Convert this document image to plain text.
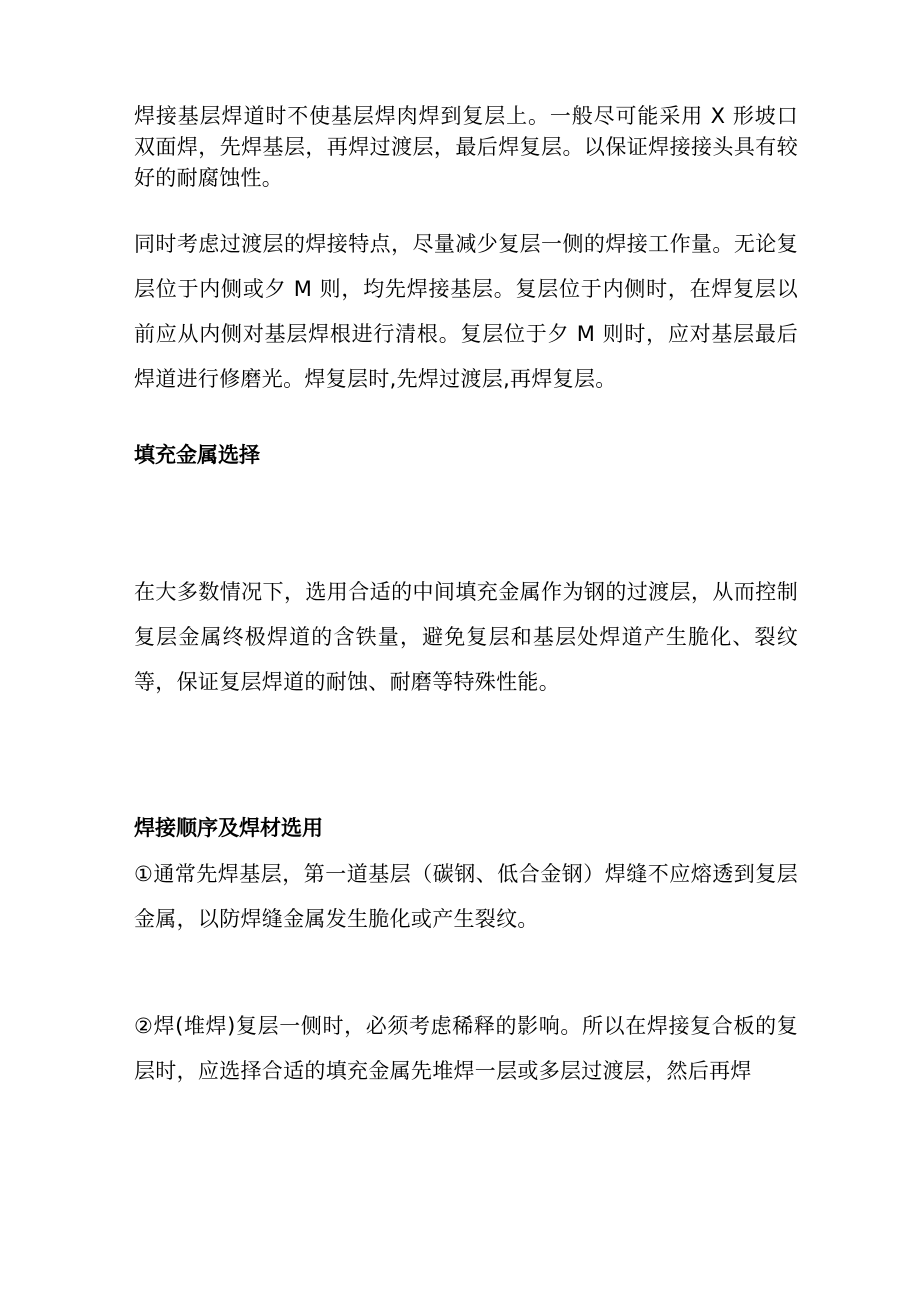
焊接基层焊道时不使基层焊肉焊到复层上。一般尽可能采用 X 形坡口双面焊，先焊基层，再焊过渡层，最后焊复层。以保证焊接接头具有较好的耐腐蚀性。

同时考虑过渡层的焊接特点，尽量减少复层一侧的焊接工作量。无论复层位于内侧或夕 M 则，均先焊接基层。复层位于内侧时，在焊复层以前应从内侧对基层焊根进行清根。复层位于夕 M 则时，应对基层最后焊道进行修磨光。焊复层时,先焊过渡层,再焊复层。

填充金属选择

在大多数情况下，选用合适的中间填充金属作为钢的过渡层，从而控制复层金属终极焊道的含铁量，避免复层和基层处焊道产生脆化、裂纹等，保证复层焊道的耐蚀、耐磨等特殊性能。

焊接顺序及焊材选用

①通常先焊基层，第一道基层（碳钢、低合金钢）焊缝不应熔透到复层金属，以防焊缝金属发生脆化或产生裂纹。

②焊(堆焊)复层一侧时，必须考虑稀释的影响。所以在焊接复合板的复层时，应选择合适的填充金属先堆焊一层或多层过渡层，然后再焊
